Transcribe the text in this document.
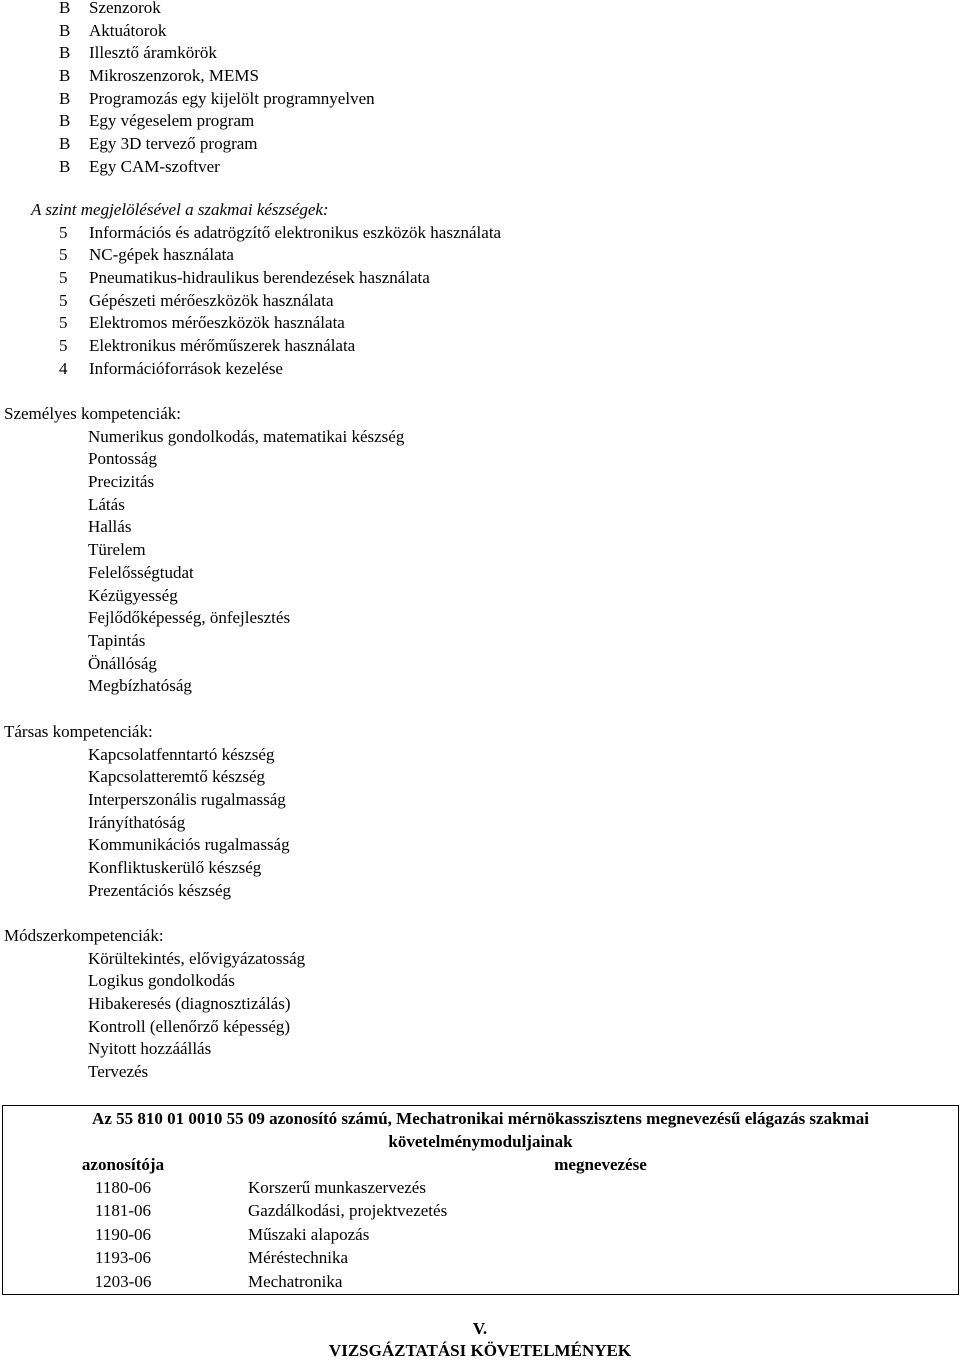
B	Szenzorok
B	Aktuátorok
B	Illesztő áramkörök
B	Mikroszenzorok, MEMS
B	Programozás egy kijelölt programnyelven
B	Egy végeselem program
B	Egy 3D tervező program
B	Egy CAM-szoftver
A szint megjelölésével a szakmai készségek:
5	Információs és adatrögzítő elektronikus eszközök használata
5	NC-gépek használata
5	Pneumatikus-hidraulikus berendezések használata
5	Gépészeti mérőeszközök használata
5	Elektromos mérőeszközök használata
5	Elektronikus mérőműszerek használata
4	Információforrások kezelése
Személyes kompetenciák:
Numerikus gondolkodás, matematikai készség
Pontosság
Precizitás
Látás
Hallás
Türelem
Felelősségtudat
Kézügyesség
Fejlődőképesség, önfejlesztés
Tapintás
Önállóság
Megbízhatóság
Társas kompetenciák:
Kapcsolatfenntartó készség
Kapcsolatteremtő készség
Interperszonális rugalmasság
Irányíthatóság
Kommunikációs rugalmasság
Konfliktuskerülő készség
Prezentációs készség
Módszerkompetenciák:
Körültekintés, elővigyázatosság
Logikus gondolkodás
Hibakeresés (diagnosztizálás)
Kontroll (ellenőrző képesség)
Nyitott hozzáállás
Tervezés
Az 55 810 01 0010 55 09 azonosító számú, Mechatronikai mérnökasszisztens megnevezésű elágazás szakmai
követelménymoduljainak
azonosítója	megnevezése
1180-06	Korszerű munkaszervezés
1181-06	Gazdálkodási, projektvezetés
1190-06	Műszaki alapozás
1193-06	Méréstechnika
1203-06	Mechatronika
V.
VIZSGÁZTATÁSI KÖVETELMÉNYEK
